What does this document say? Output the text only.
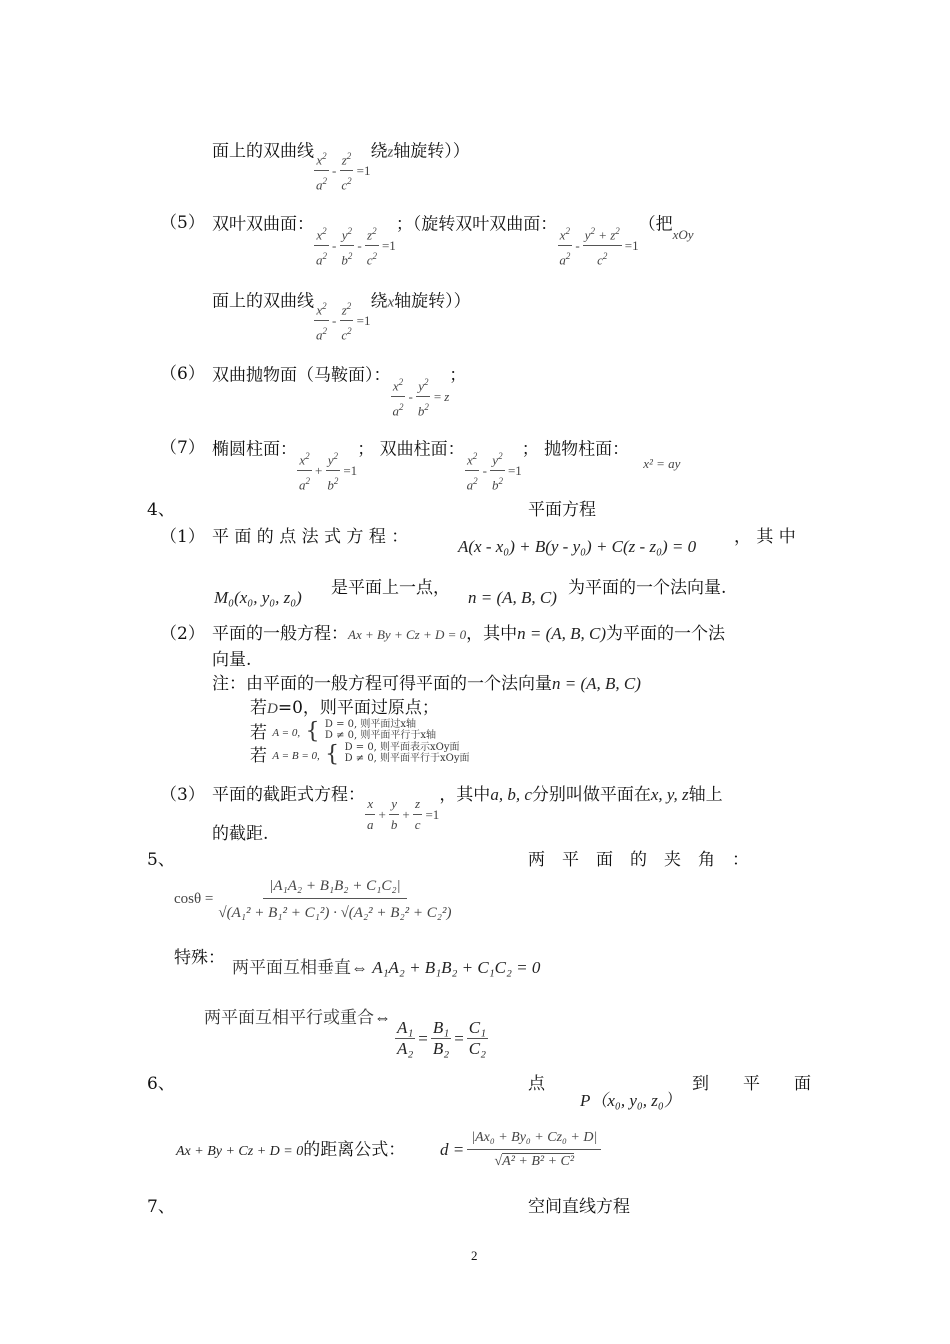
面上的双曲线 $\frac{x^2}{a^2} - \frac{z^2}{c^2} =1$
绕z轴旋转））
（5） 双叶双曲面： $\frac{x^2}{a^2} - \frac{y^2}{b^2} - \frac{z^2}{c^2} =1$
；（旋转双叶双曲面： $\frac{x^2}{a^2} - \frac{y^2 + z^2}{c^2} =1$
（把$_{xOy}$
面上的双曲线 $\frac{x^2}{a^2} - \frac{z^2}{c^2} =1$
绕x轴旋转））
（6） 双曲抛物面（马鞍面）： $\frac{x^2}{a^2} - \frac{y^2}{b^2} = z$
；
（7） 椭圆柱面： $\frac{x^2}{a^2} + \frac{y^2}{b^2} =1$
； 双曲柱面： $\frac{x^2}{a^2} - \frac{y^2}{b^2} =1$
； 抛物柱面：$_{x^2 = ay}$
4、	平面方程
（1） 平 面 的 点 法 式 方 程 ：	A(x - x₀) + B(y - y₀) + C(z - z₀) = 0 ， 其 中
M₀(x₀, y₀, z₀) 是平面上一点， n = (A, B, C) 为平面的一个法向量.
（2） 平面的一般方程：Ax + By + Cz + D = 0，其中n = (A, B, C)为平面的一个法
向量.
注：由平面的一般方程可得平面的一个法向量n = (A, B, C)
若D=0，则平面过原点；
若 A = 0, { D = 0, 则平面过x轴
D ≠ 0, 则平面平行于x轴
若 A = B = 0, { D = 0, 则平面表示xOy面
D ≠ 0, 则平面平行于xOy面
（3） 平面的截距式方程：
$\frac{x}{a} + \frac{y}{b} + \frac{z}{c} =1$
，其中a, b, c分别叫做平面在x, y, z轴上
的截距.
5、	两　平　面　的　夹　角　：
$\cos\theta = \frac{\text{|A₁A₂ + B₁B₂ + C₁C₂|}}{\text{√(A₁² + B₁² + C₁²) · √(A₂² + B₂² + C₂²)}}$
特殊： 两平面互相垂直⇔ A₁A₂ + B₁B₂ + C₁C₂ = 0
两平面互相平行或重合⇔
$\frac{\text{A₁}}{\text{A₂}} = \frac{\text{B₁}}{\text{B₂}} = \frac{\text{C₁}}{\text{C₂}}$
6、	点
P（x₀, y₀, z₀）
到　　平　　面
Ax + By + Cz + D = 0的距离公式： $d = \frac{\text{|Ax₀ + By₀ + Cz₀ + D|}}{\text{√A² + B² + C²}}$
7、	空间直线方程
2
